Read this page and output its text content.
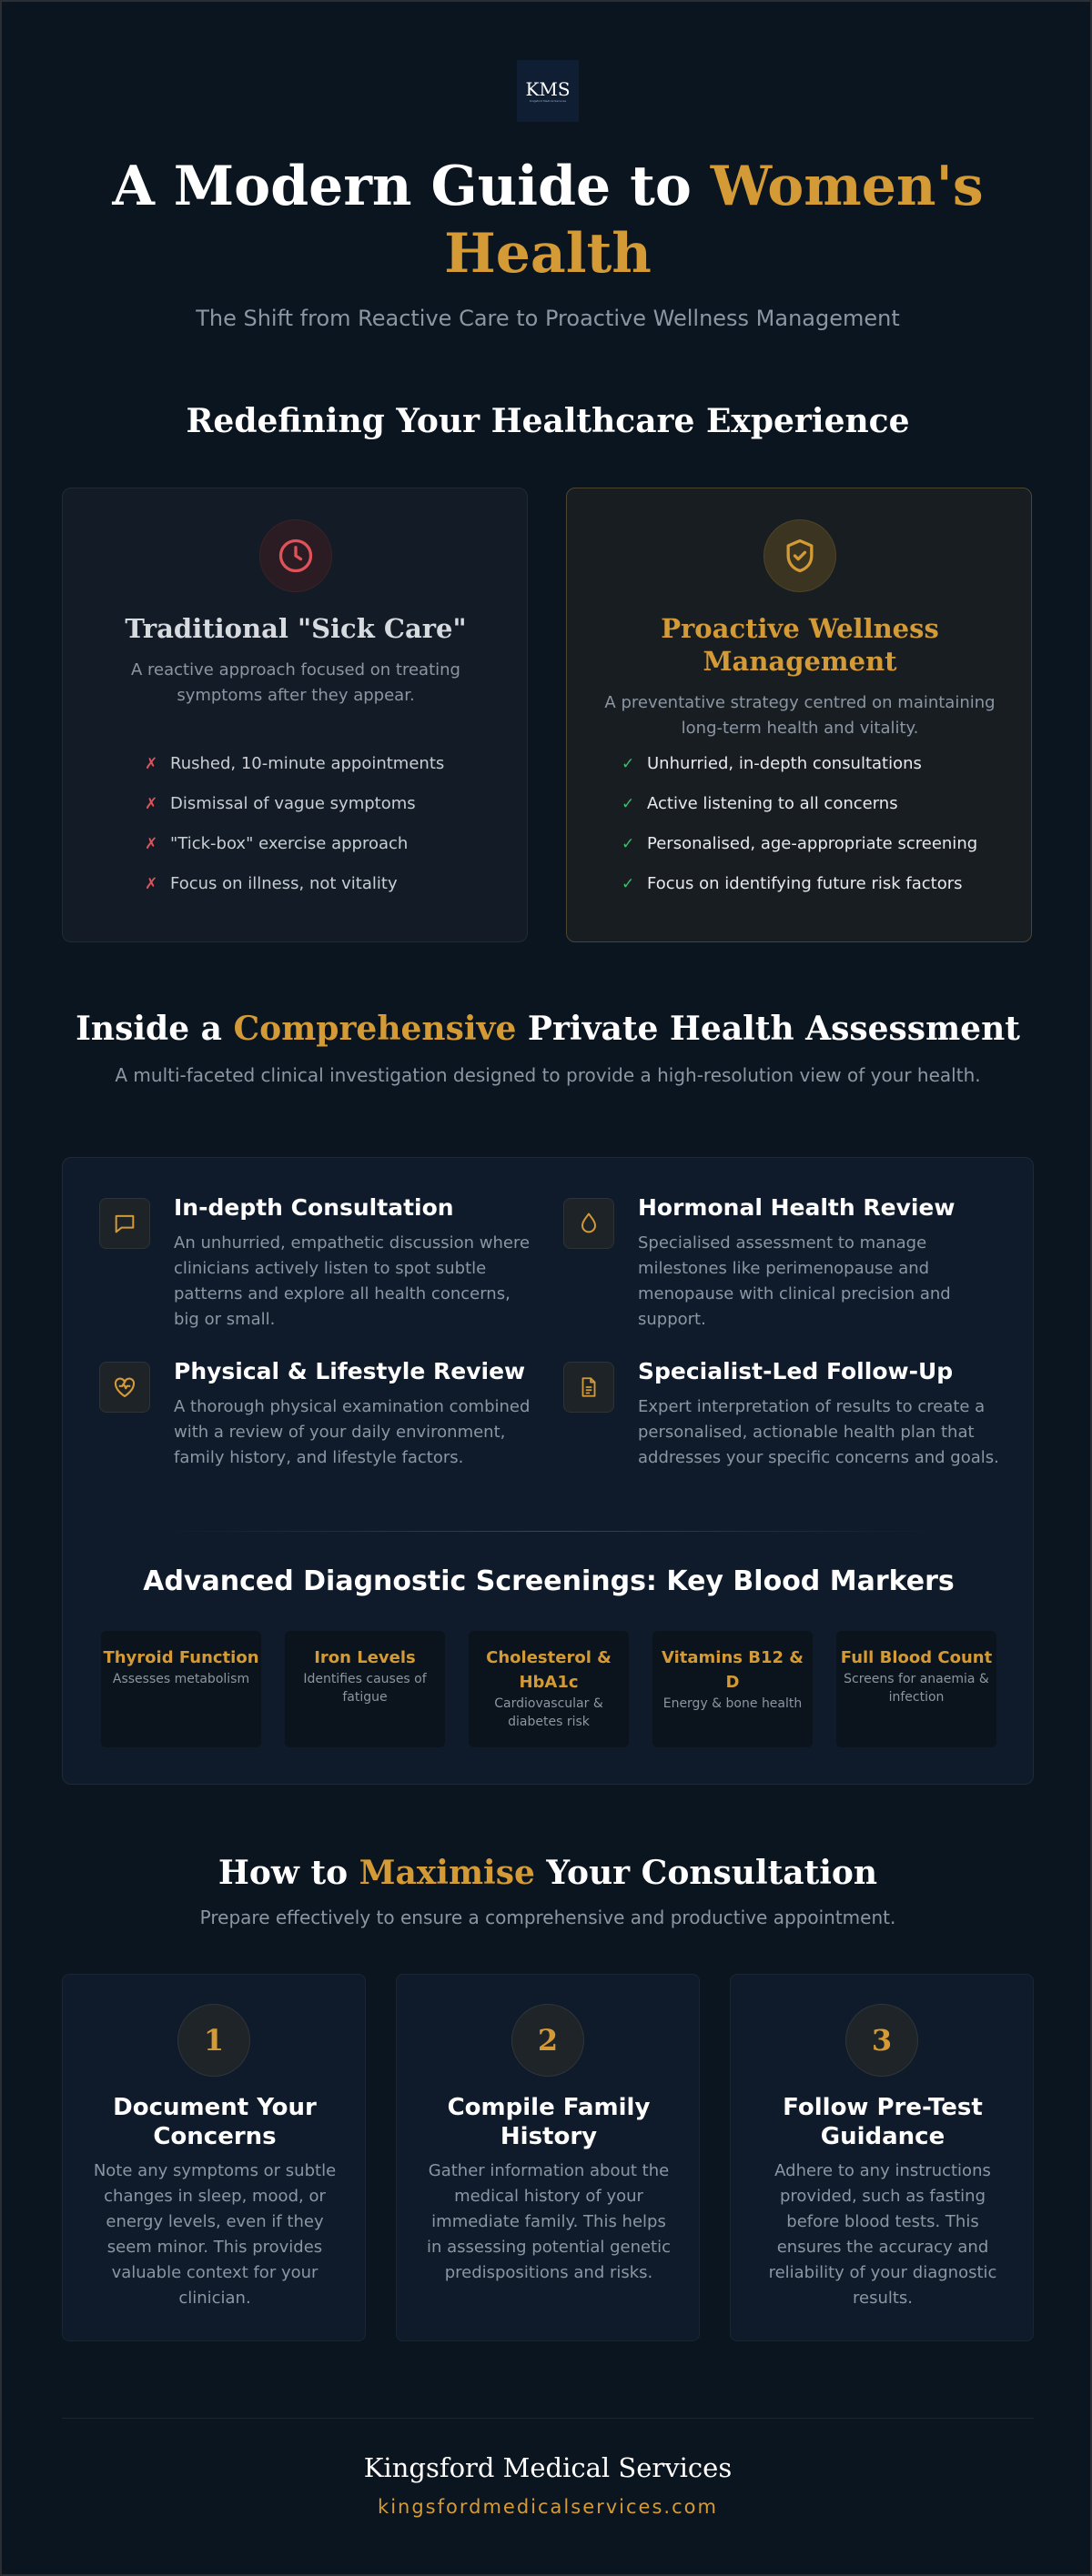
KMS
Kingsford Medical Services
A Modern Guide to Women's Health
The Shift from Reactive Care to Proactive Wellness Management
Redefining Your Healthcare Experience
Traditional "Sick Care"
A reactive approach focused on treating symptoms after they appear.
✗ Rushed, 10-minute appointments
✗ Dismissal of vague symptoms
✗ "Tick-box" exercise approach
✗ Focus on illness, not vitality
Proactive Wellness Management
A preventative strategy centred on maintaining long-term health and vitality.
✓ Unhurried, in-depth consultations
✓ Active listening to all concerns
✓ Personalised, age-appropriate screening
✓ Focus on identifying future risk factors
Inside a Comprehensive Private Health Assessment
A multi-faceted clinical investigation designed to provide a high-resolution view of your health.
In-depth Consultation
An unhurried, empathetic discussion where clinicians actively listen to spot subtle patterns and explore all health concerns, big or small.
Hormonal Health Review
Specialised assessment to manage milestones like perimenopause and menopause with clinical precision and support.
Physical & Lifestyle Review
A thorough physical examination combined with a review of your daily environment, family history, and lifestyle factors.
Specialist-Led Follow-Up
Expert interpretation of results to create a personalised, actionable health plan that addresses your specific concerns and goals.
Advanced Diagnostic Screenings: Key Blood Markers
Thyroid Function
Assesses metabolism
Iron Levels
Identifies causes of fatigue
Cholesterol & HbA1c
Cardiovascular & diabetes risk
Vitamins B12 & D
Energy & bone health
Full Blood Count
Screens for anaemia & infection
How to Maximise Your Consultation
Prepare effectively to ensure a comprehensive and productive appointment.
1
Document Your Concerns
Note any symptoms or subtle changes in sleep, mood, or energy levels, even if they seem minor. This provides valuable context for your clinician.
2
Compile Family History
Gather information about the medical history of your immediate family. This helps in assessing potential genetic predispositions and risks.
3
Follow Pre-Test Guidance
Adhere to any instructions provided, such as fasting before blood tests. This ensures the accuracy and reliability of your diagnostic results.
Kingsford Medical Services
kingsfordmedicalservices.com
